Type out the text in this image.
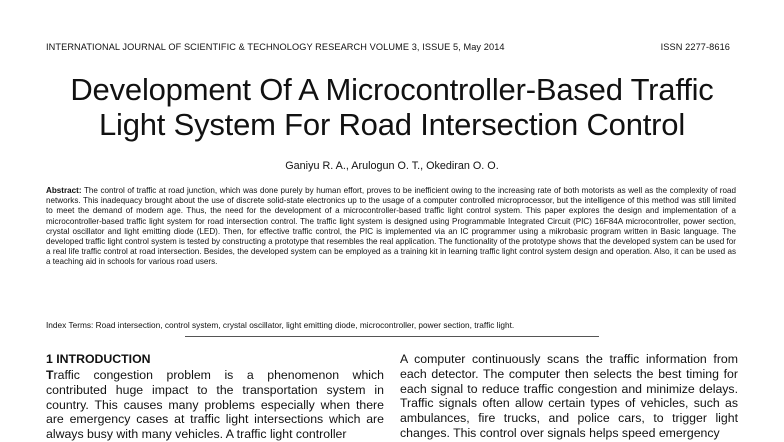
INTERNATIONAL JOURNAL OF SCIENTIFIC & TECHNOLOGY RESEARCH VOLUME 3, ISSUE 5, May 2014	ISSN 2277-8616
Development Of A Microcontroller-Based Traffic
Light System For Road Intersection Control
Ganiyu R. A., Arulogun O. T., Okediran O. O.
Abstract: The control of traffic at road junction, which was done purely by human effort, proves to be inefficient owing to the increasing rate of both motorists as well as the complexity of road networks. This inadequacy brought about the use of discrete solid-state electronics up to the usage of a computer controlled microprocessor, but the intelligence of this method was still limited to meet the demand of modern age. Thus, the need for the development of a microcontroller-based traffic light control system. This paper explores the design and implementation of a microcontroller-based traffic light system for road intersection control. The traffic light system is designed using Programmable Integrated Circuit (PIC) 16F84A microcontroller, power section, crystal oscillator and light emitting diode (LED). Then, for effective traffic control, the PIC is implemented via an IC programmer using a mikrobasic program written in Basic language. The developed traffic light control system is tested by constructing a prototype that resembles the real application. The functionality of the prototype shows that the developed system can be used for a real life traffic control at road intersection. Besides, the developed system can be employed as a training kit in learning traffic light control system design and operation. Also, it can be used as a teaching aid in schools for various road users.
Index Terms: Road intersection, control system, crystal oscillator, light emitting diode, microcontroller, power section, traffic light.
1 INTRODUCTION

Traffic congestion problem is a phenomenon which contributed huge impact to the transportation system in country. This causes many problems especially when there are emergency cases at traffic light intersections which are always busy with many vehicles. A traffic light controller

A computer continuously scans the traffic information from each detector. The computer then selects the best timing for each signal to reduce traffic congestion and minimize delays. Traffic signals often allow certain types of vehicles, such as ambulances, fire trucks, and police cars, to trigger light changes. This control over signals helps speed emergency
